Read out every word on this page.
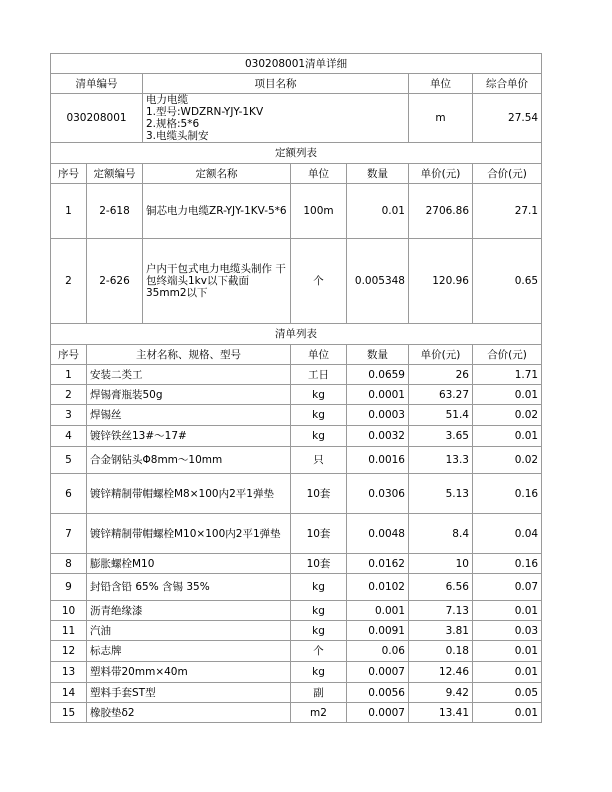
030208001清单详细						
清单编号		项目名称			单位	综合单价
030208001		电力电缆
1.型号:WDZRN-YJY-1KV
2.规格:5*6
3.电缆头制安			m	27.54
定额列表						
序号	定额编号	定额名称	单位	数量	单价(元)	合价(元)
1	2-618	铜芯电力电缆ZR-YJY-1KV-5*6	100m	0.01	2706.86	27.1
2	2-626	户内干包式电力电缆头制作 干包终端头1kv以下截面35mm2以下	个	0.005348	120.96	0.65
清单列表						
序号	主材名称、规格、型号		单位	数量	单价(元)	合价(元)
1	安装二类工		工日	0.0659	26	1.71
2	焊锡膏瓶装50g		kg	0.0001	63.27	0.01
3	焊锡丝		kg	0.0003	51.4	0.02
4	镀锌铁丝13#～17#		kg	0.0032	3.65	0.01
5	合金钢钻头Φ8mm～10mm		只	0.0016	13.3	0.02
6	镀锌精制带帽螺栓M8×100内2平1弹垫		10套	0.0306	5.13	0.16
7	镀锌精制带帽螺栓M10×100内2平1弹垫		10套	0.0048	8.4	0.04
8	膨胀螺栓M10		10套	0.0162	10	0.16
9	封铅含铅 65% 含锡 35%		kg	0.0102	6.56	0.07
10	沥青绝缘漆		kg	0.001	7.13	0.01
11	汽油		kg	0.0091	3.81	0.03
12	标志牌		个	0.06	0.18	0.01
13	塑料带20mm×40m		kg	0.0007	12.46	0.01
14	塑料手套ST型		副	0.0056	9.42	0.05
15	橡胶垫δ2		m2	0.0007	13.41	0.01
